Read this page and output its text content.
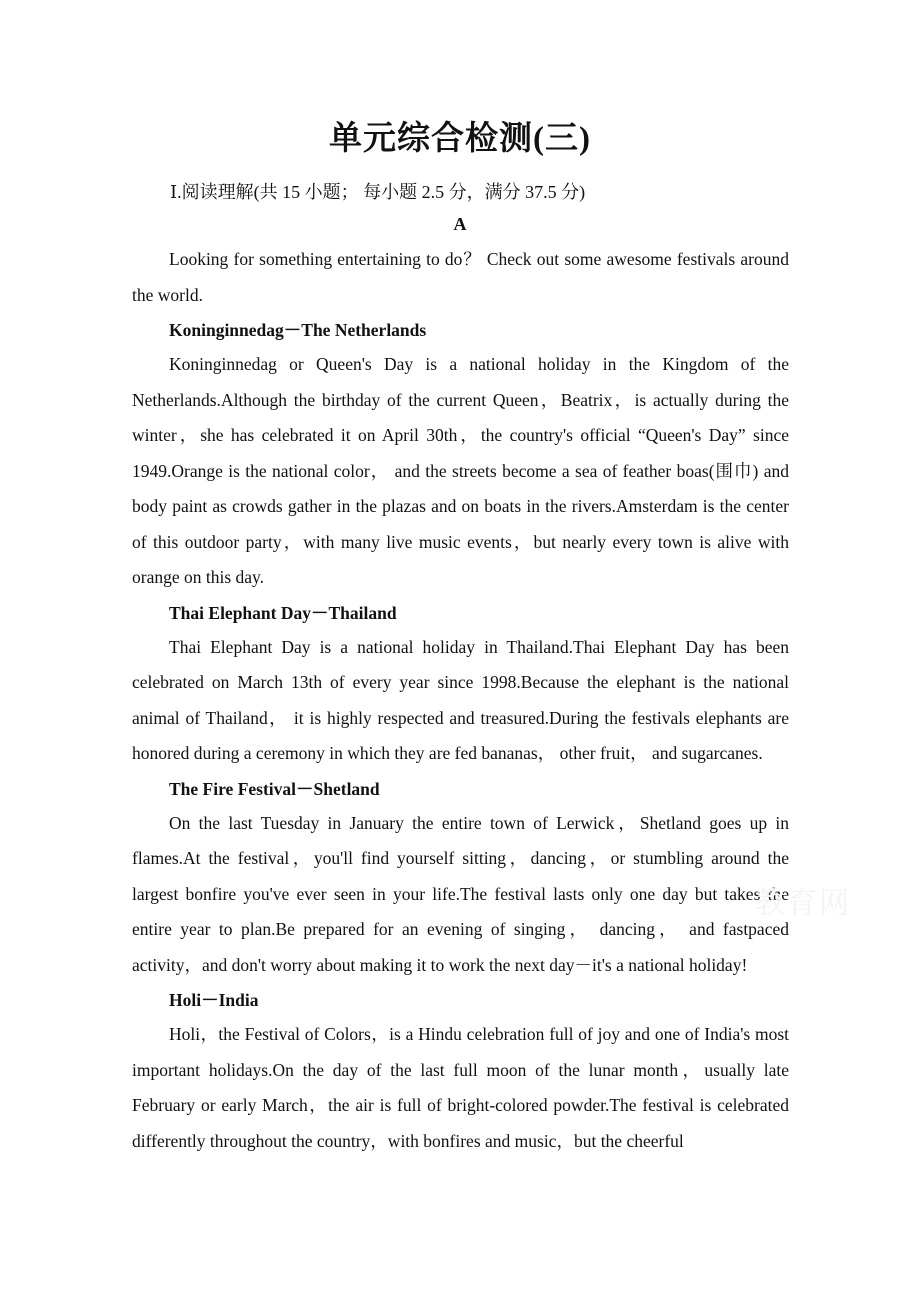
单元综合检测(三)
Ⅰ.阅读理解(共 15 小题； 每小题 2.5 分，满分 37.5 分)
A

Looking for something entertaining to do？ Check out some awesome festivals around the world.

Koninginnedag－The Netherlands

Koninginnedag or Queen's Day is a national holiday in the Kingdom of the Netherlands.Although the birthday of the current Queen，Beatrix，is actually during the winter，she has celebrated it on April 30th，the country's official “Queen's Day” since 1949.Orange is the national color， and the streets become a sea of feather boas(围巾) and body paint as crowds gather in the plazas and on boats in the rivers.Amsterdam is the center of this outdoor party，with many live music events，but nearly every town is alive with orange on this day.

Thai Elephant Day－Thailand

Thai Elephant Day is a national holiday in Thailand.Thai Elephant Day has been celebrated on March 13th of every year since 1998.Because the elephant is the national animal of Thailand， it is highly respected and treasured.During the festivals elephants are honored during a ceremony in which they are fed bananas， other fruit， and sugarcanes.

The Fire Festival－Shetland

On the last Tuesday in January the entire town of Lerwick，Shetland goes up in flames.At the festival，you'll find yourself sitting，dancing，or stumbling around the largest bonfire you've ever seen in your life.The festival lasts only one day but takes the entire year to plan.Be prepared for an evening of singing， dancing， and fastpaced activity，and don't worry about making it to work the next day－it's a national holiday!

Holi－India

Holi，the Festival of Colors，is a Hindu celebration full of joy and one of India's most important holidays.On the day of the last full moon of the lunar month，usually late February or early March，the air is full of bright-colored powder.The festival is celebrated differently throughout the country，with bonfires and music，but the cheerful

教育网
